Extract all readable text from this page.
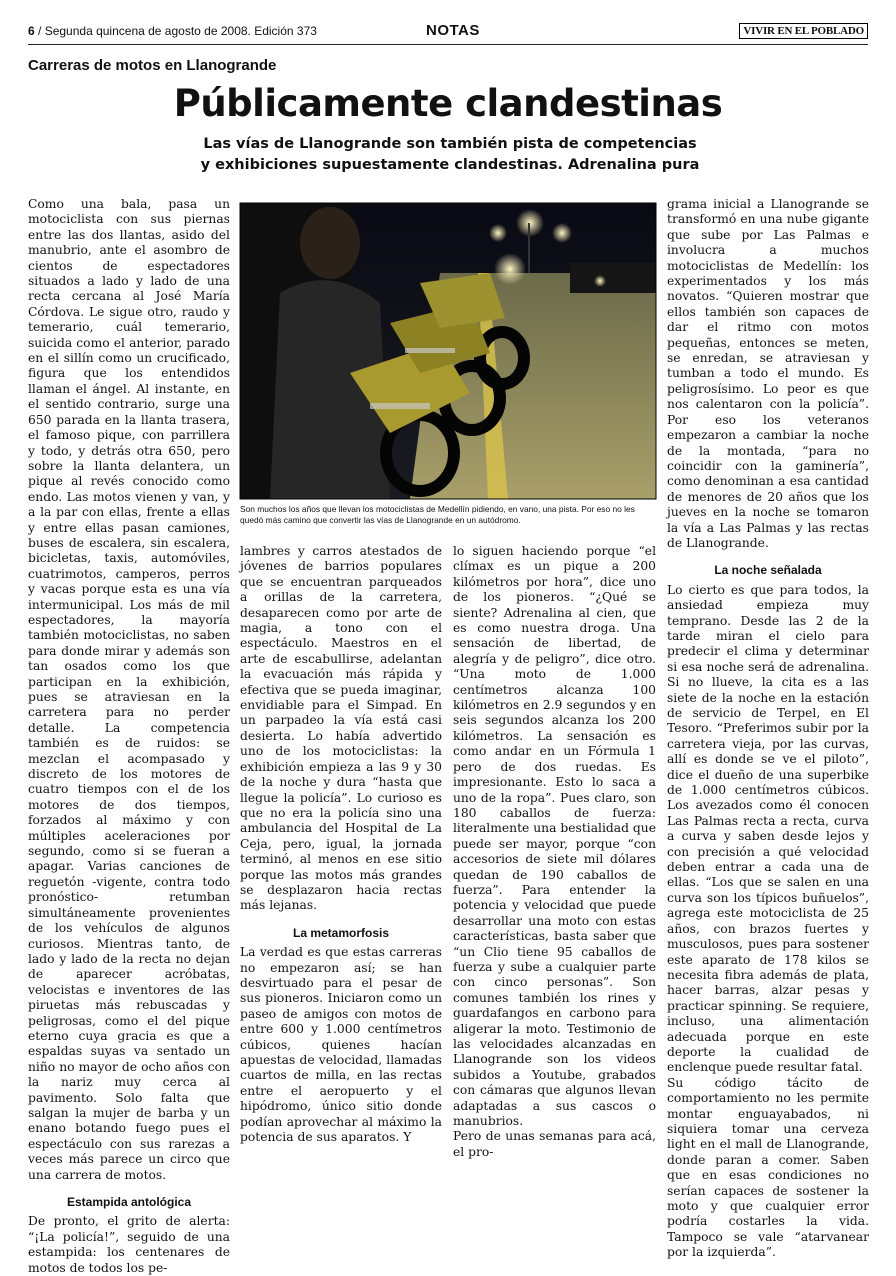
6 / Segunda quincena de agosto de 2008. Edición 373	NOTAS	VIVIR EN EL POBLADO
Carreras de motos en Llanogrande
Públicamente clandestinas
Las vías de Llanogrande son también pista de competencias
y exhibiciones supuestamente clandestinas. Adrenalina pura

Como una bala, pasa un motociclista con sus piernas entre las dos llantas, asido del manubrio, ante el asombro de cientos de espectadores situados a lado y lado de una recta cercana al José María Córdova. Le sigue otro, raudo y temerario, cuál temerario, suicida como el anterior, parado en el sillín como un crucificado, figura que los entendidos llaman el ángel. Al instante, en el sentido contrario, surge una 650 parada en la llanta trasera, el famoso pique, con parrillera y todo, y detrás otra 650, pero sobre la llanta delantera, un pique al revés conocido como endo. Las motos vienen y van, y a la par con ellas, frente a ellas y entre ellas pasan camiones, buses de escalera, sin escalera, bicicletas, taxis, automóviles, cuatrimotos, camperos, perros y vacas porque esta es una vía intermunicipal. Los más de mil espectadores, la mayoría también motociclistas, no saben para donde mirar y además son tan osados como los que participan en la exhibición, pues se atraviesan en la carretera para no perder detalle. La competencia también es de ruidos: se mezclan el acompasado y discreto de los motores de cuatro tiempos con el de los motores de dos tiempos, forzados al máximo y con múltiples aceleraciones por segundo, como si se fueran a apagar. Varias canciones de reguetón -vigente, contra todo pronóstico- retumban simultáneamente provenientes de los vehículos de algunos curiosos. Mientras tanto, de lado y lado de la recta no dejan de aparecer acróbatas, velocistas e inventores de las piruetas más rebuscadas y peligrosas, como el del pique eterno cuya gracia es que a espaldas suyas va sentado un niño no mayor de ocho años con la nariz muy cerca al pavimento. Solo falta que salgan la mujer de barba y un enano botando fuego pues el espectáculo con sus rarezas a veces más parece un circo que una carrera de motos.

Estampida antológica

De pronto, el grito de alerta: “¡La policía!”, seguido de una estampida: los centenares de motos de todos los pe-

Son muchos los años que llevan los motociclistas de Medellín pidiendo, en vano, una pista. Por eso no les quedó más camino que convertir las vías de Llanogrande en un autódromo.

lambres y carros atestados de jóvenes de barrios populares que se encuentran parqueados a orillas de la carretera, desaparecen como por arte de magia, a tono con el espectáculo. Maestros en el arte de escabullirse, adelantan la evacuación más rápida y efectiva que se pueda imaginar, envidiable para el Simpad. En un parpadeo la vía está casi desierta. Lo había advertido uno de los motociclistas: la exhibición empieza a las 9 y 30 de la noche y dura “hasta que llegue la policía”. Lo curioso es que no era la policía sino una ambulancia del Hospital de La Ceja, pero, igual, la jornada terminó, al menos en ese sitio porque las motos más grandes se desplazaron hacia rectas más lejanas.

La metamorfosis

La verdad es que estas carreras no empezaron así; se han desvirtuado para el pesar de sus pioneros. Iniciaron como un paseo de amigos con motos de entre 600 y 1.000 centímetros cúbicos, quienes hacían apuestas de velocidad, llamadas cuartos de milla, en las rectas entre el aeropuerto y el hipódromo, único sitio donde podían aprovechar al máximo la potencia de sus aparatos. Y

lo siguen haciendo porque “el clímax es un pique a 200 kilómetros por hora”, dice uno de los pioneros. “¿Qué se siente? Adrenalina al cien, que es como nuestra droga. Una sensación de libertad, de alegría y de peligro”, dice otro. “Una moto de 1.000 centímetros alcanza 100 kilómetros en 2.9 segundos y en seis segundos alcanza los 200 kilómetros. La sensación es como andar en un Fórmula 1 pero de dos ruedas. Es impresionante. Esto lo saca a uno de la ropa”. Pues claro, son 180 caballos de fuerza: literalmente una bestialidad que puede ser mayor, porque “con accesorios de siete mil dólares quedan de 190 caballos de fuerza”. Para entender la potencia y velocidad que puede desarrollar una moto con estas características, basta saber que “un Clio tiene 95 caballos de fuerza y sube a cualquier parte con cinco personas”. Son comunes también los rines y guardafangos en carbono para aligerar la moto. Testimonio de las velocidades alcanzadas en Llanogrande son los videos subidos a Youtube, grabados con cámaras que algunos llevan adaptadas a sus cascos o manubrios.

Pero de unas semanas para acá, el pro-

grama inicial a Llanogrande se transformó en una nube gigante que sube por Las Palmas e involucra a muchos motociclistas de Medellín: los experimentados y los más novatos. “Quieren mostrar que ellos también son capaces de dar el ritmo con motos pequeñas, entonces se meten, se enredan, se atraviesan y tumban a todo el mundo. Es peligrosísimo. Lo peor es que nos calentaron con la policía”. Por eso los veteranos empezaron a cambiar la noche de la montada, “para no coincidir con la gaminería”, como denominan a esa cantidad de menores de 20 años que los jueves en la noche se tomaron la vía a Las Palmas y las rectas de Llanogrande.

La noche señalada

Lo cierto es que para todos, la ansiedad empieza muy temprano. Desde las 2 de la tarde miran el cielo para predecir el clima y determinar si esa noche será de adrenalina. Si no llueve, la cita es a las siete de la noche en la estación de servicio de Terpel, en El Tesoro. “Preferimos subir por la carretera vieja, por las curvas, allí es donde se ve el piloto”, dice el dueño de una superbike de 1.000 centímetros cúbicos. Los avezados como él conocen Las Palmas recta a recta, curva a curva y saben desde lejos y con precisión a qué velocidad deben entrar a cada una de ellas. “Los que se salen en una curva son los típicos buñuelos”, agrega este motociclista de 25 años, con brazos fuertes y musculosos, pues para sostener este aparato de 178 kilos se necesita fibra además de plata, hacer barras, alzar pesas y practicar spinning. Se requiere, incluso, una alimentación adecuada porque en este deporte la cualidad de enclenque puede resultar fatal.

Su código tácito de comportamiento no les permite montar enguayabados, ni siquiera tomar una cerveza light en el mall de Llanogrande, donde paran a comer. Saben que en esas condiciones no serían capaces de sostener la moto y que cualquier error podría costarles la vida. Tampoco se vale “atarvanear por la izquierda”.
